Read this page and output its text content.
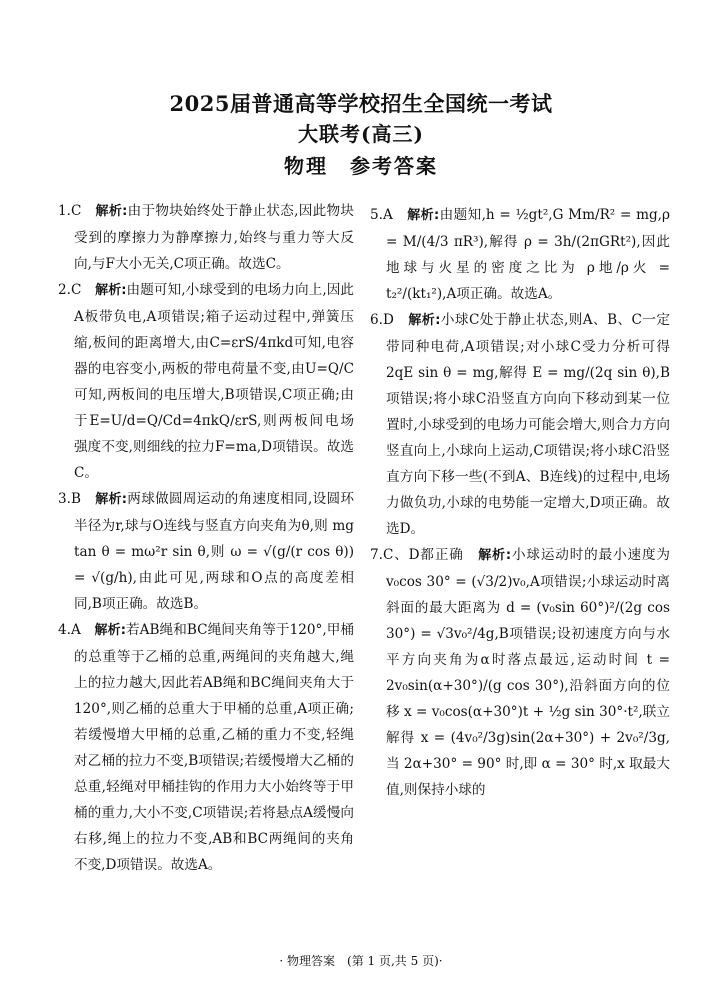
2025届普通高等学校招生全国统一考试
大联考(高三)
物理　参考答案
1.C　 解析:由于物块始终处于静止状态,因此物块受到的摩擦力为静摩擦力,始终与重力等大反向,与F大小无关,C项正确。故选C。
2.C　 解析:由题可知,小球受到的电场力向上,因此A板带负电,A项错误;箱子运动过程中,弹簧压缩,板间的距离增大,由C=εrS/4πkd可知,电容器的电容变小,两板的带电荷量不变,由U=Q/C可知,两板间的电压增大,B项错误,C项正确;由于E=U/d=Q/Cd=4πkQ/εrS,则两板间电场强度不变,则细线的拉力F=ma,D项错误。故选C。
3.B　 解析:两球做圆周运动的角速度相同,设圆环半径为r,球与O连线与竖直方向夹角为θ,则 mg tan θ = mω²r sin θ,则 ω = √(g/(r cos θ)) = √(g/h),由此可见,两球和O点的高度差相同,B项正确。故选B。
4.A　 解析:若AB绳和BC绳间夹角等于120°,甲桶的总重等于乙桶的总重,两绳间的夹角越大,绳上的拉力越大,因此若AB绳和BC绳间夹角大于120°,则乙桶的总重大于甲桶的总重,A项正确;若缓慢增大甲桶的总重,乙桶的重力不变,轻绳对乙桶的拉力不变,B项错误;若缓慢增大乙桶的总重,轻绳对甲桶挂钩的作用力大小始终等于甲桶的重力,大小不变,C项错误;若将悬点A缓慢向右移,绳上的拉力不变,AB和BC两绳间的夹角不变,D项错误。故选A。
5.A　 解析:由题知,h = ½gt²,G Mm/R² = mg,ρ = M/(4/3 πR³),解得 ρ = 3h/(2πGRt²),因此地球与火星的密度之比为 ρ地/ρ火 = t₂²/(kt₁²),A项正确。故选A。
6.D　 解析:小球C处于静止状态,则A、B、C一定带同种电荷,A项错误;对小球C受力分析可得 2qE sin θ = mg,解得 E = mg/(2q sin θ),B项错误;将小球C沿竖直方向向下移动到某一位置时,小球受到的电场力可能会增大,则合力方向竖直向上,小球向上运动,C项错误;将小球C沿竖直方向下移一些(不到A、B连线)的过程中,电场力做负功,小球的电势能一定增大,D项正确。故选D。
7.C、D都正确　 解析:小球运动时的最小速度为 v₀cos 30° = (√3/2)v₀,A项错误;小球运动时离斜面的最大距离为 d = (v₀sin 60°)²/(2g cos 30°) = √3v₀²/4g,B项错误;设初速度方向与水平方向夹角为α时落点最远,运动时间 t = 2v₀sin(α+30°)/(g cos 30°),沿斜面方向的位移 x = v₀cos(α+30°)t + ½g sin 30°·t²,联立解得 x = (4v₀²/3g)sin(2α+30°) + 2v₀²/3g,当 2α+30° = 90° 时,即 α = 30° 时,x 取最大值,则保持小球的
· 物理答案　(第 1 页,共 5 页)·
